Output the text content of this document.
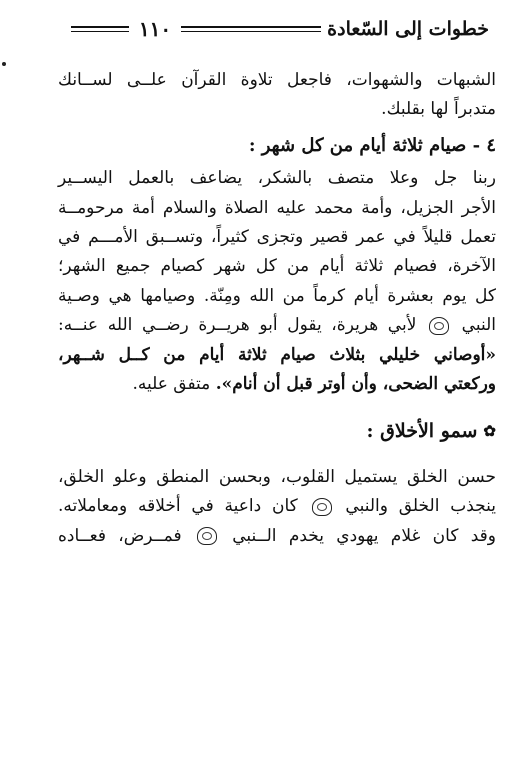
خطوات إلى السّعادة
١١٠
الشبهات والشهوات، فاجعل تلاوة القرآن علــى لســانك
متدبراً لها بقلبك.
٤ - صيام ثلاثة أيام من كل شهر :
ربنا جل وعلا متصف بالشكر، يضاعف بالعمل اليســير
الأجر الجزيل، وأمة محمد عليه الصلاة والسلام أمة مرحومــة
تعمل قليلاً في عمر قصير وتجزى كثيراً، وتســبق الأمـــم في
الآخرة، فصيام ثلاثة أيام من كل شهر كصيام جميع الشهر؛
كل يوم بعشرة أيام كرماً من الله ومِنّة. وصيامها هي وصـية
النبي  لأبي هريرة، يقول أبو هريــرة رضــي الله عنــه:
«أوصاني خليلي بثلاث صيام ثلاثة أيام من كــل شــهر،
وركعتي الضحى، وأن أوتر قبل أن أنام». متفق عليه.
✿
سمو الأخلاق :
حسن الخلق يستميل القلوب، وبحسن المنطق وعلو الخلق،
ينجذب الخلق والنبي  كان داعية في أخلاقه ومعاملاته.
وقد كان غلام يهودي يخدم الــنبي  فمــرض، فعــاده
